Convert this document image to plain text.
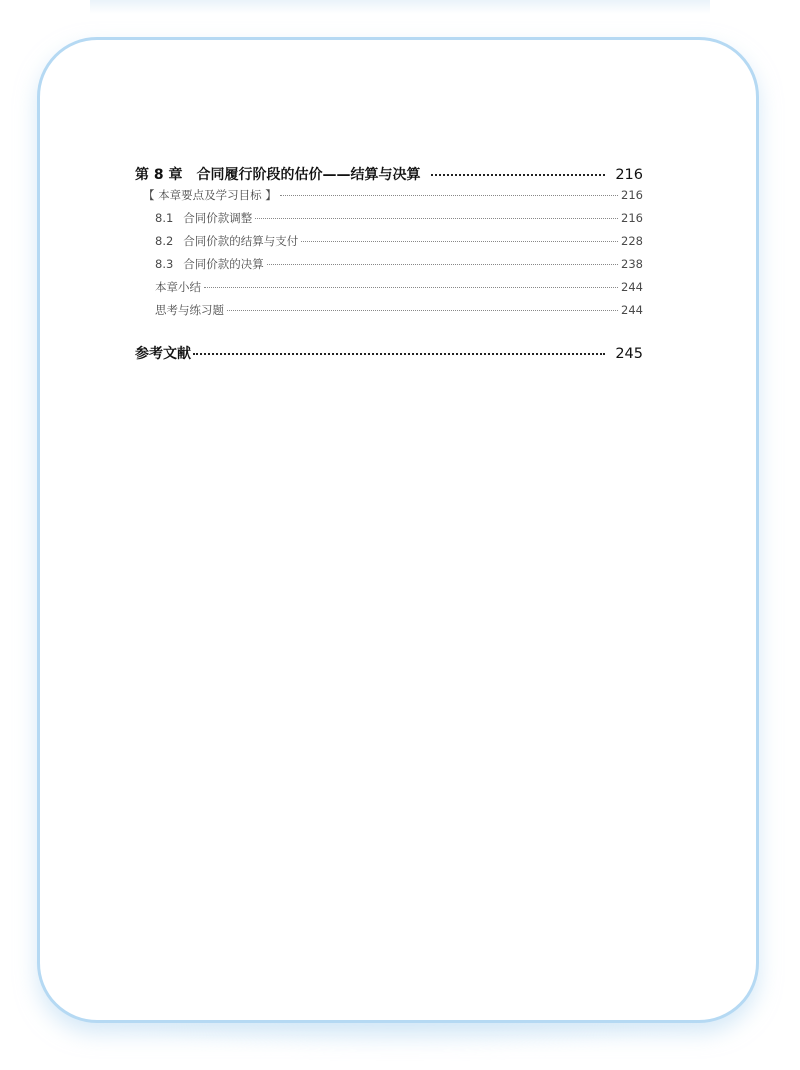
第 8 章 合同履行阶段的估价——结算与决算	216
【 本章要点及学习目标 】	216
8.1 合同价款调整	216
8.2 合同价款的结算与支付	228
8.3 合同价款的决算	238
本章小结	244
思考与练习题	244
参考文献	245
